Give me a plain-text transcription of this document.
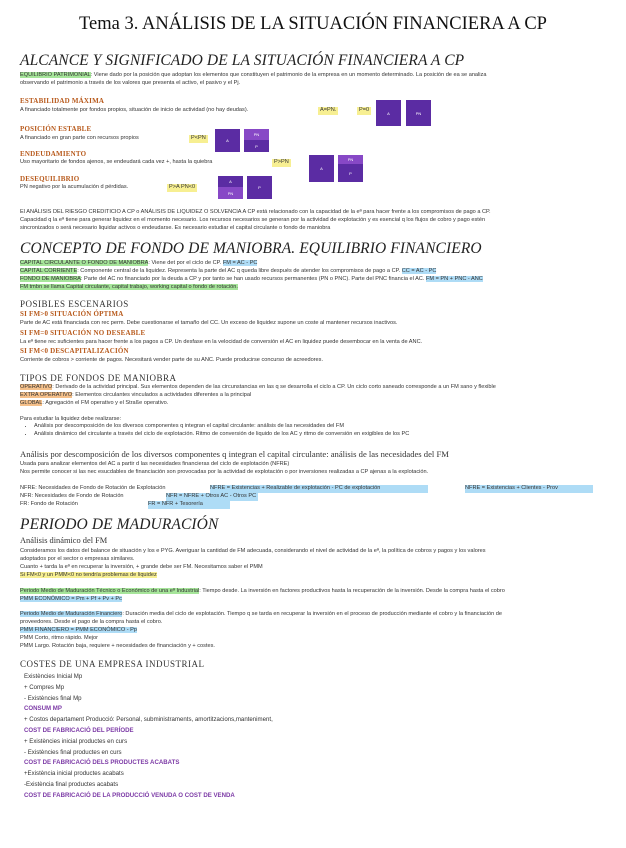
Tema 3. ANÁLISIS DE LA SITUACIÓN FINANCIERA A CP
ALCANCE Y SIGNIFICADO DE LA SITUACIÓN FINANCIERA A CP
EQUILIBRIO PATRIMONIAL: Viene dado por la posición que adoptan los elementos que constituyen el patrimonio de la empresa en un momento determinado. La posición de ea se analiza
observando el patrimonio a través de los valores que presenta el activo, el pasivo y el Pj.
ESTABILIDAD MÁXIMA
A financiado totalmente por fondos propios, situación de inicio de actividad (no hay deudas).	A=PN.	P=0	A	PN
POSICIÓN ESTABLE
A financiado en gran parte con recursos propios	P<PN	A
PN
P
ENDEUDAMIENTO
Uso mayoritario de fondos ajenos, se endeudará cada vez +, hasta la quiebra	P>PN
A
PN
P
DESEQUILIBRIO
PN negativo por la acumulación d pérdidas.	P>A PN<0
A
PN
P
El ANÁLISIS DEL RIESGO CREDITICIO A CP o ANÁLISIS DE LIQUIDEZ O SOLVENCIA A CP está relacionado con la capacidad de la eª para hacer frente a los compromisos de pago a CP.
Capacidad q la eª tiene para generar liquidez en el momento necesario. Los recursos necesarios se generan por la actividad de explotación y es esencial q los flujos de cobro y pago estén
sincronizados o será necesario liquidar activos o endeudarse. Es necesario estudiar el capital circulante o fondo de maniobra
CONCEPTO DE FONDO DE MANIOBRA. EQUILIBRIO FINANCIERO
CAPITAL CIRCULANTE O FONDO DE MANIOBRA: Viene det por el ciclo de CP. FM = AC - PC
CAPITAL CORRIENTE: Componente central de la liquidez. Representa la parte del AC q queda libre después de atender los compromisos de pago a CP. CC = AC - PC
FONDO DE MANIOBRA: Parte del AC no financiado por la deuda a CP y por tanto se han usado recursos permanentes (PN o PNC). Parte del PNC financia el AC. FM = PN + PNC - ANC
FM tmbn se llama Capital circulante, capital trabajo, working capital o fondo de rotación.
POSIBLES ESCENARIOS
SI FM>0 SITUACIÓN ÓPTIMA
Parte de AC está financiada con rec perm. Debe cuestionarse el tamaño del CC. Un exceso de liquidez supone un coste al mantener recursos inactivos.
SI FM=0 SITUACIÓN NO DESEABLE
La eª tiene rec suficientes para hacer frente a los pagos a CP. Un desfase en la velocidad de conversión el AC en liquidez puede desembocar en la venta de ANC.
SI FM<0 DESCAPITALIZACIÓN
Corriente de cobros > corriente de pagos. Necesitará vender parte de su ANC. Puede producirse concurso de acreedores.
TIPOS DE FONDOS DE MANIOBRA
OPERATIVO: Derivado de la actividad principal. Sus elementos dependen de las circunstancias en las q se desarrolla el ciclo a CP. Un ciclo corto saneado corresponde a un FM sano y flexible
EXTRA OPERATIVO: Elementos circulantes vinculados a actividades diferentes a la principal
GLOBAL: Agregación el FM operativo y el Straße operativo.
Para estudiar la liquidez debe realizarse:
• Análisis por descomposición de los diversos componentes q integran el capital circulante: análisis de las necesidades del FM
• Análisis dinámico del circulante a través del ciclo de explotación. Ritmo de conversión de liquido de los AC y ritmo de conversión en exigibles de los PC
Análisis por descomposición de los diversos componentes q integran el capital circulante: análisis de las necesidades del FM
Usada para analizar elementos del AC a partir d las necesidades financieras del ciclo de explotación (NFRE)
Nos permite conocer si las nec esucdables de financiación son provocadas por la actividad de explotación o por inversiones realizadas a CP ajenas a la explotación.
NFRE: Necesidades de Fondo de Rotación de Explotación	NFRE = Existencias + Realizable de explotación - PC de explotación	NFRE = Existencias + Clientes - Prov
NFR: Necesidades de Fondo de Rotación	NFR = NFRE + Otros AC - Otros PC
FR: Fondo de Rotación	FR = NFR + Tesorería
PERIODO DE MADURACIÓN
Análisis dinámico del FM
Consideramos los datos del balance de situación y los e PYG. Averiguar la cantidad de FM adecuada, considerando el nivel de actividad de la eª, la política de cobros y pagos y los valores
adoptados por el sector o empresas similares.
Cuanto + tarda la eª en recuperar la inversión, + grande debe ser FM. Necesitamos saber el PMM
Si FM<0 y un PMM<0 no tendría problemas de liquidez
Periodo Medio de Maduración Técnico o Económico de una eª Industrial: Tiempo desde. La inversión en factores productivos hasta la recuperación de la inversión. Desde la compra hasta el cobro
PMM ECONÓMICO = Pm + Pf + Pv + Pc
Periodo Medio de Maduración Financiero: Duración media del ciclo de explotación. Tiempo q se tarda en recuperar la inversión en el proceso de producción mediante el cobro y la financiación de
proveedores. Desde el pago de la compra hasta el cobro.
PMM FINANCIERO = PMM ECONÓMICO - Pp
PMM Corto, ritmo rápido. Mejor
PMM Largo. Rotación baja, requiere + necesidades de financiación y + costes.
COSTES DE UNA EMPRESA INDUSTRIAL
Existències Inicial Mp
+ Compres Mp
- Existències final Mp
CONSUM MP
+ Costos departament Producció: Personal, subministraments, amortitzacions,manteniment,
COST DE FABRICACIÓ DEL PERÍODE
+ Existències inicial productes en curs
- Existències final productes en curs
COST DE FABRICACIÓ DELS PRODUCTES ACABATS
+Existència inicial productes acabats
-Existència final productes acabats
COST DE FABRICACIÓ DE LA PRODUCCIÓ VENUDA O COST DE VENDA
